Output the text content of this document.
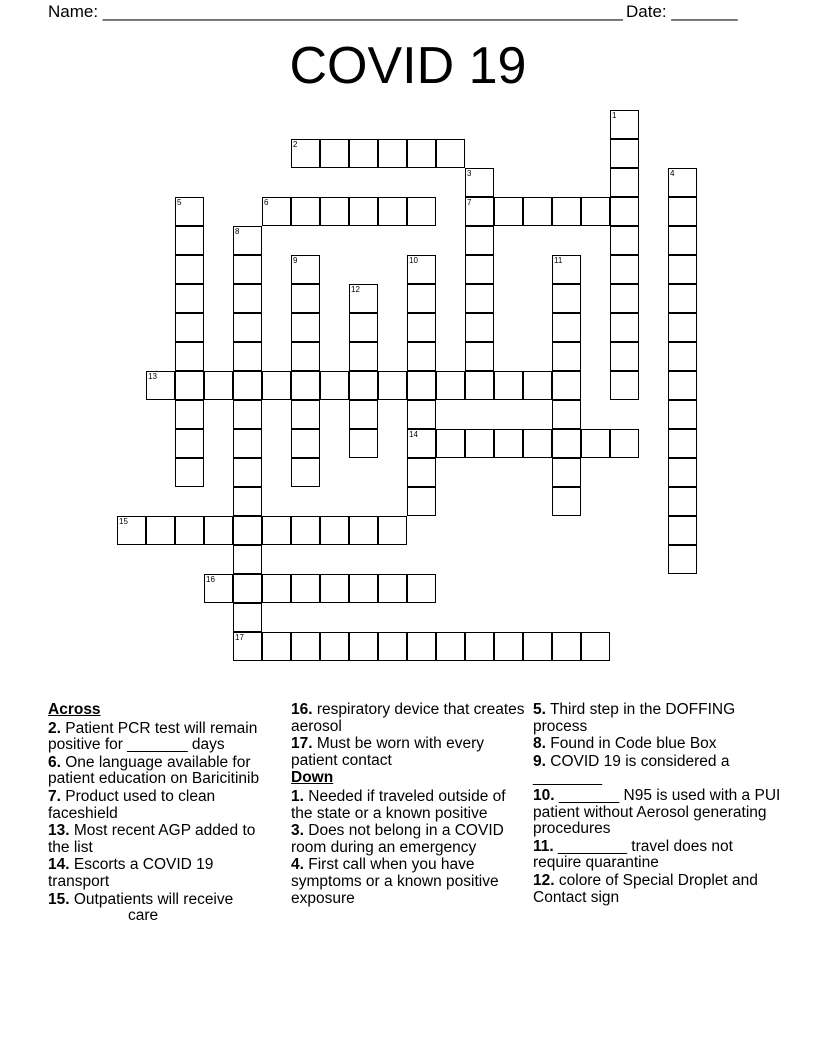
Name: _______________________________________________________ Date: _______
COVID 19
1
2
3
7
4
5	6
8
17
9	10
14
11
12
13
15
16
Across
2. Patient PCR test will remain positive for _______ days
6. One language available for patient education on Baricitinib
7. Product used to clean faceshield
13. Most recent AGP added to the list
14. Escorts a COVID 19 transport
15. Outpatients will receive
care
16. respiratory device that creates aerosol
17. Must be worn with every patient contact
Down
1. Needed if traveled outside of the state or a known positive
3. Does not belong in a COVID room during an emergency
4. First call when you have symptoms or a known positive exposure
5. Third step in the DOFFING process
8. Found in Code blue Box
9. COVID 19 is considered a ________
10. _______ N95 is used with a PUI patient without Aerosol generating procedures
11. ________ travel does not require quarantine
12. colore of Special Droplet and Contact sign
